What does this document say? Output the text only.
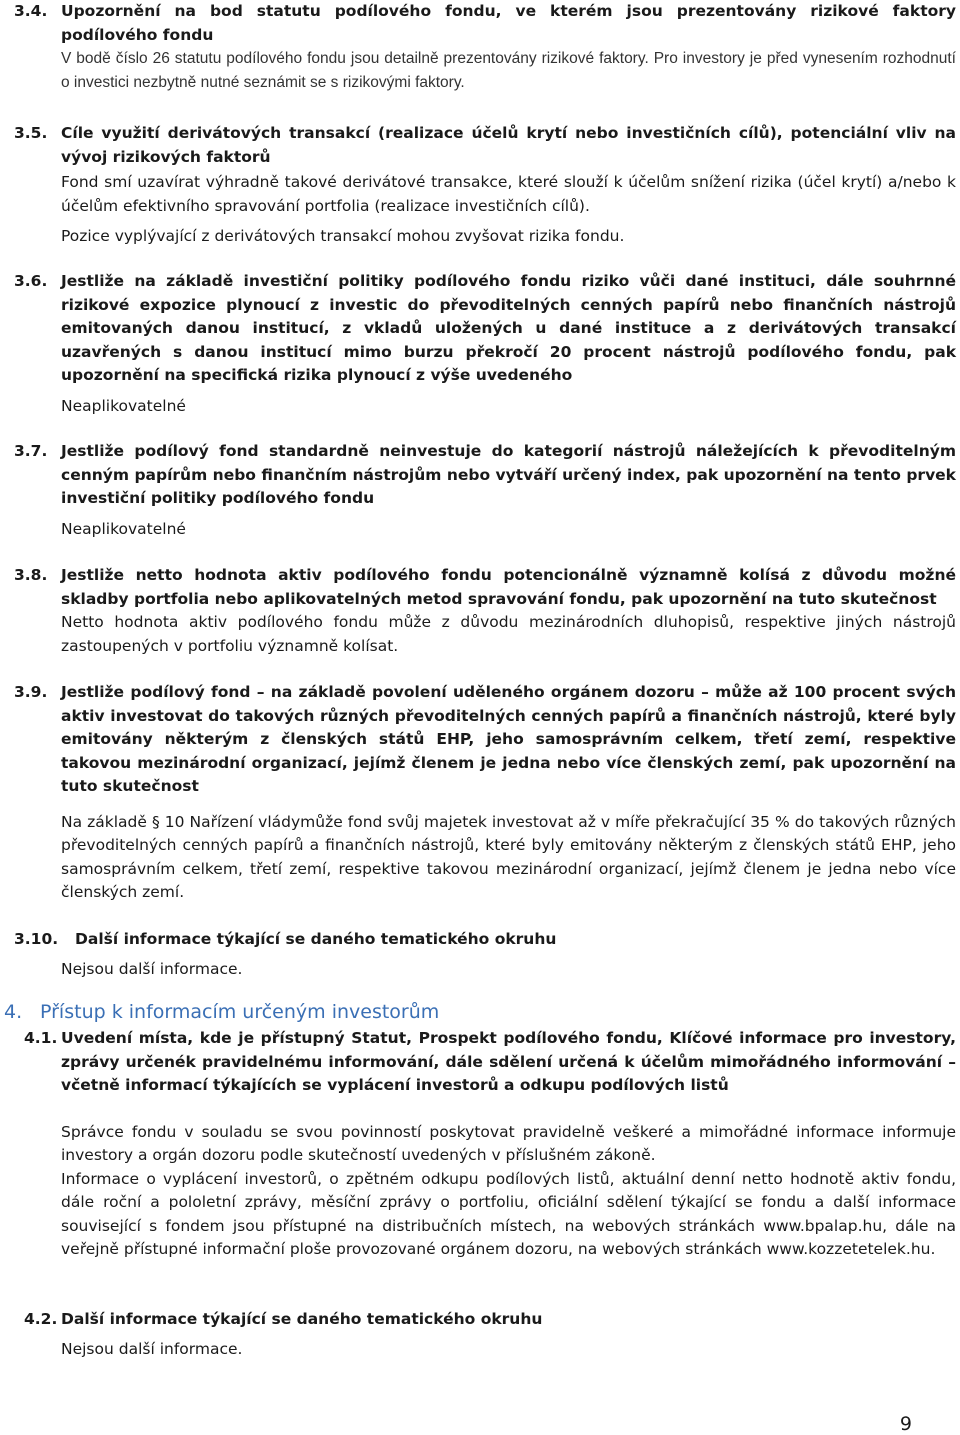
3.4. Upozornění na bod statutu podílového fondu, ve kterém jsou prezentovány rizikové faktory podílového fondu
V bodě číslo 26 statutu podílového fondu jsou detailně prezentovány rizikové faktory. Pro investory je před vynesením rozhodnutí o investici nezbytně nutné seznámit se s rizikovými faktory.
3.5. Cíle využití derivátových transakcí (realizace účelů krytí nebo investičních cílů), potenciální vliv na vývoj rizikových faktorů
Fond smí uzavírat výhradně takové derivátové transakce, které slouží k účelům snížení rizika (účel krytí) a/nebo k účelům efektivního spravování portfolia (realizace investičních cílů).
Pozice vyplývající z derivátových transakcí mohou zvyšovat rizika fondu.
3.6. Jestliže na základě investiční politiky podílového fondu riziko vůči dané instituci, dále souhrnné rizikové expozice plynoucí z investic do převoditelných cenných papírů nebo finančních nástrojů emitovaných danou institucí, z vkladů uložených u dané instituce a z derivátových transakcí uzavřených s danou institucí mimo burzu překročí 20 procent nástrojů podílového fondu, pak upozornění na specifická rizika plynoucí z výše uvedeného
Neaplikovatelné
3.7. Jestliže podílový fond standardně neinvestuje do kategorií nástrojů náležejících k převoditelným cenným papírům nebo finančním nástrojům nebo vytváří určený index, pak upozornění na tento prvek investiční politiky podílového fondu
Neaplikovatelné
3.8. Jestliže netto hodnota aktiv podílového fondu potencionálně významně kolísá z důvodu možné skladby portfolia nebo aplikovatelných metod spravování fondu, pak upozornění na tuto skutečnost
Netto hodnota aktiv podílového fondu může z důvodu mezinárodních dluhopisů, respektive jiných nástrojů zastoupených v portfoliu významně kolísat.
3.9. Jestliže podílový fond – na základě povolení uděleného orgánem dozoru – může až 100 procent svých aktiv investovat do takových různých převoditelných cenných papírů a finančních nástrojů, které byly emitovány některým z členských států EHP, jeho samosprávním celkem, třetí zemí, respektive takovou mezinárodní organizací, jejímž členem je jedna nebo více členských zemí, pak upozornění na tuto skutečnost
Na základě § 10 Nařízení vládymůže fond svůj majetek investovat až v míře překračující 35 % do takových různých převoditelných cenných papírů a finančních nástrojů, které byly emitovány některým z členských států EHP, jeho samosprávním celkem, třetí zemí, respektive takovou mezinárodní organizací, jejímž členem je jedna nebo více členských zemí.
3.10.	Další informace týkající se daného tematického okruhu
Nejsou další informace.
4. Přístup k informacím určeným investorům
4.1. Uvedení místa, kde je přístupný Statut, Prospekt podílového fondu, Klíčové informace pro investory, zprávy určenék pravidelnému informování, dále sdělení určená k účelům mimořádného informování – včetně informací týkajících se vyplácení investorů a odkupu podílových listů
Správce fondu v souladu se svou povinností poskytovat pravidelně veškeré a mimořádné informace informuje investory a orgán dozoru podle skutečností uvedených v příslušném zákoně.
Informace o vyplácení investorů, o zpětném odkupu podílových listů, aktuální denní netto hodnotě aktiv fondu, dále roční a pololetní zprávy, měsíční zprávy o portfoliu, oficiální sdělení týkající se fondu a další informace související s fondem jsou přístupné na distribučních místech, na webových stránkách www.bpalap.hu, dále na veřejně přístupné informační ploše provozované orgánem dozoru, na webových stránkách www.kozzetetelek.hu.
4.2. Další informace týkající se daného tematického okruhu
Nejsou další informace.
9
